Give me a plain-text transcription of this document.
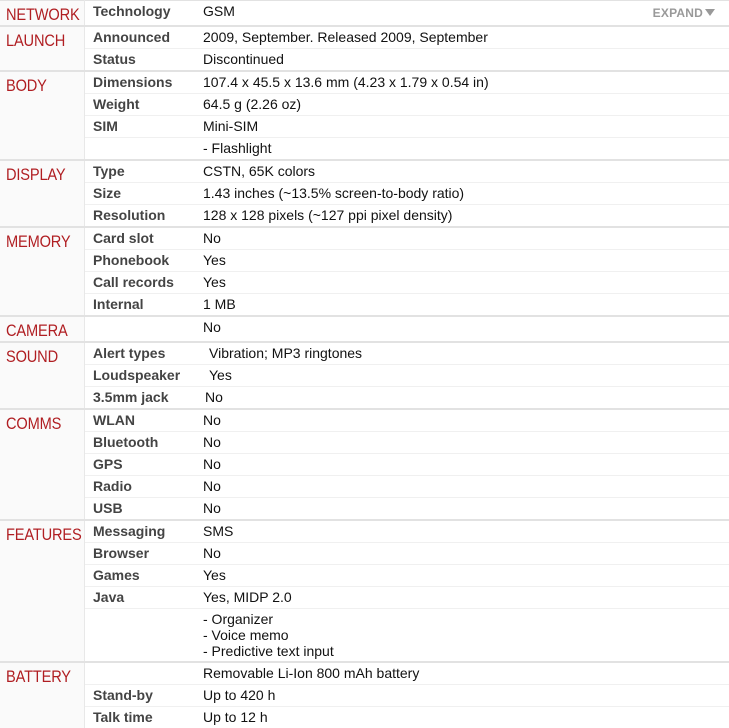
NETWORK	Technology	GSM EXPAND

LAUNCH	Announced	2009, September. Released 2009, September

	Status	Discontinued

BODY	Dimensions	107.4 x 45.5 x 13.6 mm (4.23 x 1.79 x 0.54 in)

	Weight	64.5 g (2.26 oz)

	SIM	Mini-SIM

		- Flashlight

DISPLAY	Type	CSTN, 65K colors

	Size	1.43 inches (~13.5% screen-to-body ratio)

	Resolution	128 x 128 pixels (~127 ppi pixel density)

MEMORY	Card slot	No

	Phonebook	Yes

	Call records	Yes

	Internal	1 MB

CAMERA		No

SOUND	Alert types	Vibration; MP3 ringtones

	Loudspeaker	Yes

	3.5mm jack	No

COMMS	WLAN	No

	Bluetooth	No

	GPS	No

	Radio	No

	USB	No

FEATURES	Messaging	SMS

	Browser	No

	Games	Yes

	Java	Yes, MIDP 2.0

		- Organizer
- Voice memo
- Predictive text input

BATTERY		Removable Li-Ion 800 mAh battery

	Stand-by	Up to 420 h

	Talk time	Up to 12 h
